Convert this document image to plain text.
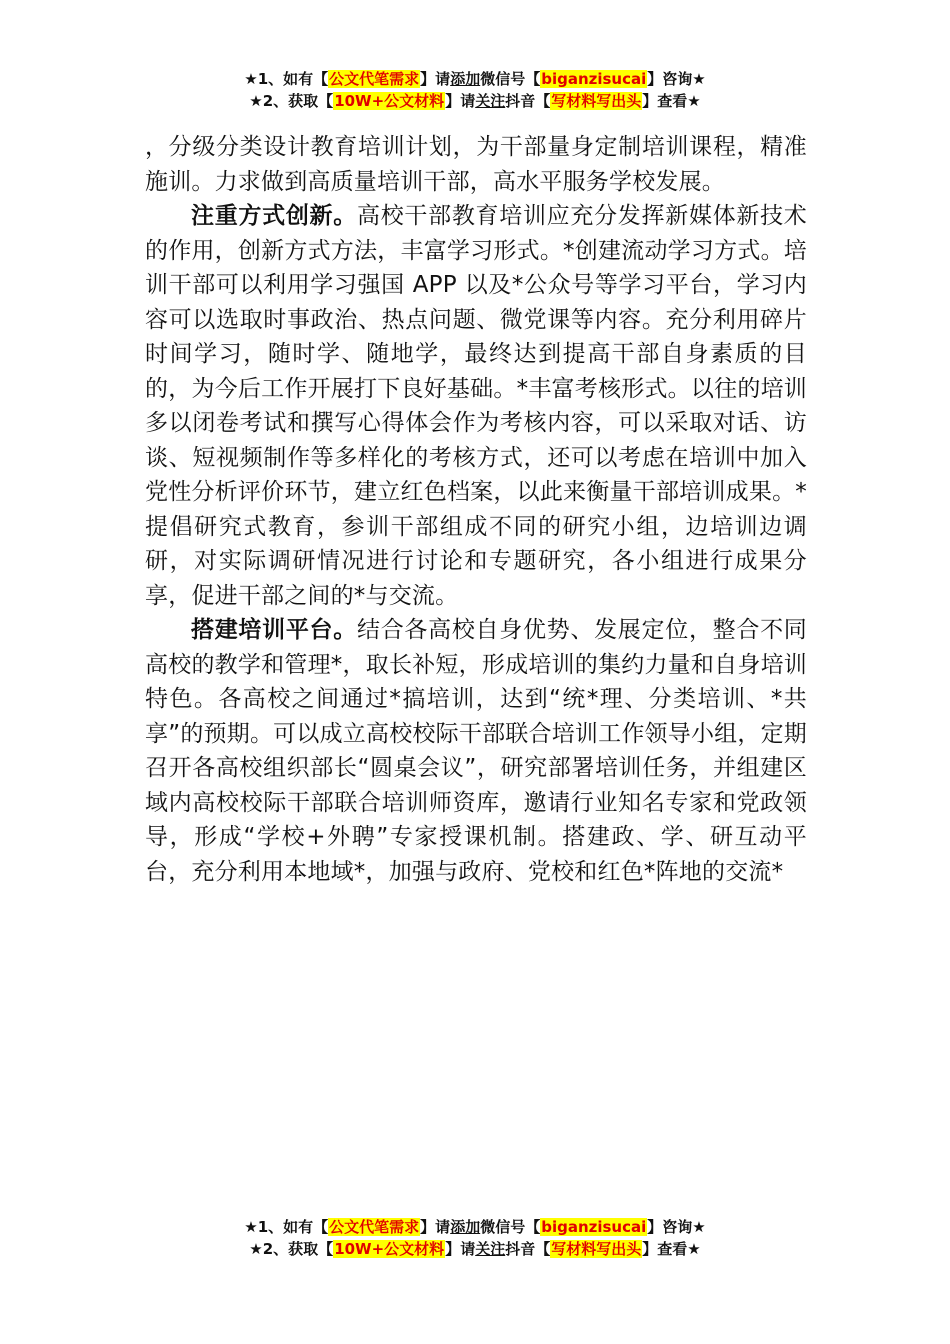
★1、如有【公文代笔需求】请添加微信号【biganzisucai】咨询★
★2、获取【10W+公文材料】请关注抖音【写材料写出头】查看★

，分级分类设计教育培训计划，为干部量身定制培训课程，精准施训。力求做到高质量培训干部，高水平服务学校发展。

注重方式创新。高校干部教育培训应充分发挥新媒体新技术的作用，创新方式方法，丰富学习形式。*创建流动学习方式。培训干部可以利用学习强国 APP 以及*公众号等学习平台，学习内容可以选取时事政治、热点问题、微党课等内容。充分利用碎片时间学习，随时学、随地学，最终达到提高干部自身素质的目的，为今后工作开展打下良好基础。*丰富考核形式。以往的培训多以闭卷考试和撰写心得体会作为考核内容，可以采取对话、访谈、短视频制作等多样化的考核方式，还可以考虑在培训中加入党性分析评价环节，建立红色档案，以此来衡量干部培训成果。*提倡研究式教育，参训干部组成不同的研究小组，边培训边调研，对实际调研情况进行讨论和专题研究，各小组进行成果分享，促进干部之间的*与交流。

搭建培训平台。结合各高校自身优势、发展定位，整合不同高校的教学和管理*，取长补短，形成培训的集约力量和自身培训特色。各高校之间通过*搞培训，达到“统*理、分类培训、*共享”的预期。可以成立高校校际干部联合培训工作领导小组，定期召开各高校组织部长“圆桌会议”，研究部署培训任务，并组建区域内高校校际干部联合培训师资库，邀请行业知名专家和党政领导，形成“学校+外聘”专家授课机制。搭建政、学、研互动平台，充分利用本地域*，加强与政府、党校和红色*阵地的交流*

★1、如有【公文代笔需求】请添加微信号【biganzisucai】咨询★
★2、获取【10W+公文材料】请关注抖音【写材料写出头】查看★
